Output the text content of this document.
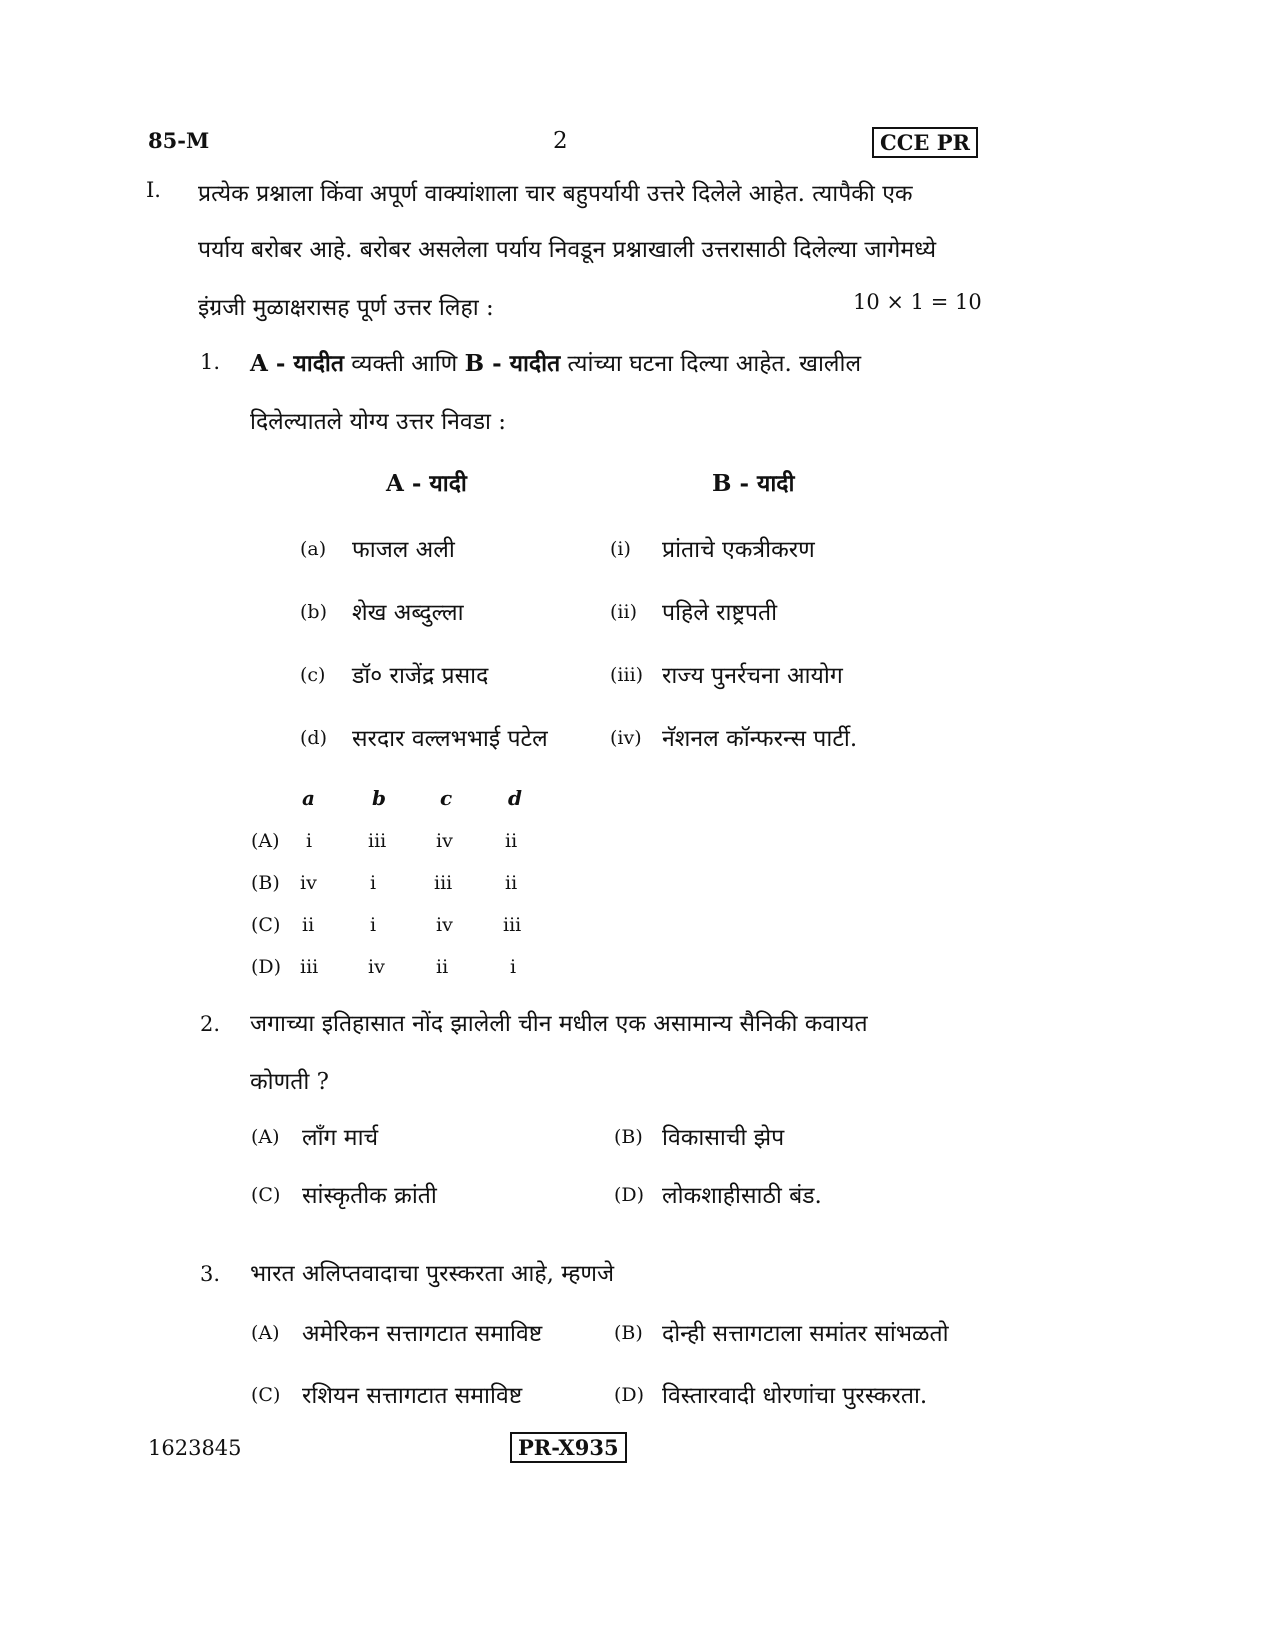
85-M	2	CCE PR
I. प्रत्येक प्रश्नाला किंवा अपूर्ण वाक्यांशाला चार बहुपर्यायी उत्तरे दिलेले आहेत. त्यापैकी एक
पर्याय बरोबर आहे. बरोबर असलेला पर्याय निवडून प्रश्नाखाली उत्तरासाठी दिलेल्या जागेमध्ये
इंग्रजी मुळाक्षरासह पूर्ण उत्तर लिहा :	10 × 1 = 10
1. A - यादीत व्यक्ती आणि B - यादीत त्यांच्या घटना दिल्या आहेत. खालील
दिलेल्यातले योग्य उत्तर निवडा :
A - यादी	B - यादी
(a) फाजल अली	(i) प्रांताचे एकत्रीकरण
(b) शेख अब्दुल्ला	(ii) पहिले राष्ट्रपती
(c) डॉ० राजेंद्र प्रसाद	(iii) राज्य पुनर्रचना आयोग
(d) सरदार वल्लभभाई पटेल	(iv) नॅशनल कॉन्फरन्स पार्टी.
a	b	c	d
(A) i	iii	iv	ii
(B) iv	i	iii	ii
(C) ii	i	iv	iii
(D) iii	iv	ii	i
2. जगाच्या इतिहासात नोंद झालेली चीन मधील एक असामान्य सैनिकी कवायत
कोणती ?
(A) लाँग मार्च	(B) विकासाची झेप
(C) सांस्कृतीक क्रांती	(D) लोकशाहीसाठी बंड.
3. भारत अलिप्तवादाचा पुरस्करता आहे, म्हणजे
(A) अमेरिकन सत्तागटात समाविष्ट	(B) दोन्ही सत्तागटाला समांतर सांभळतो
(C) रशियन सत्तागटात समाविष्ट	(D) विस्तारवादी धोरणांचा पुरस्करता.
1623845	PR-X935
